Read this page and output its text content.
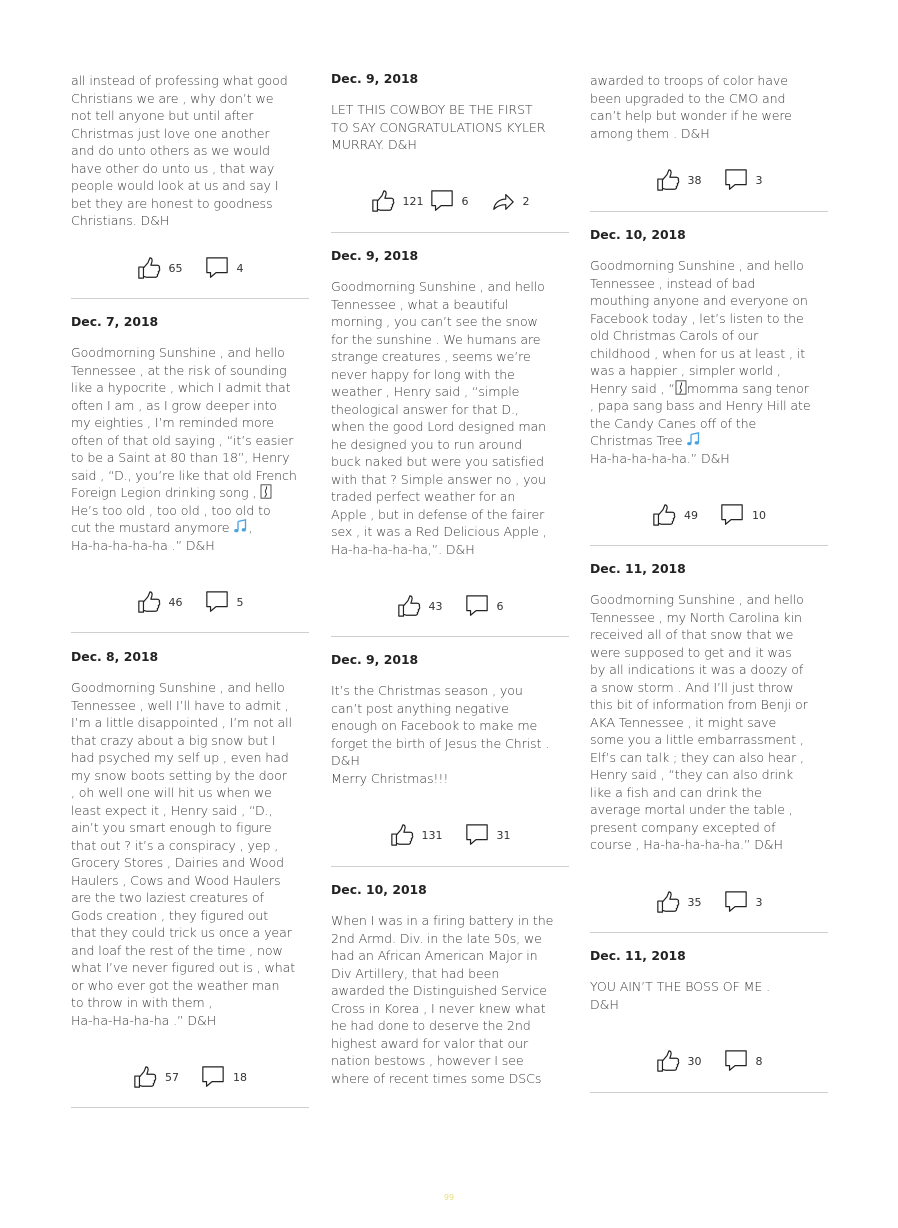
all instead of professing what good
Christians we are , why don’t we
not tell anyone but until after
Christmas just love one another
and do unto others as we would
have other do unto us , that way
people would look at us and say I
bet they are honest to goodness
Christians. D&H

65	4

Dec. 7, 2018

Goodmorning Sunshine , and hello
Tennessee , at the risk of sounding
like a hypocrite , which I admit that
often I am , as I grow deeper into
my eighties , I’m reminded more
often of that old saying , “it’s easier
to be a Saint at 80 than 18”, Henry
said , “D., you’re like that old French
Foreign Legion drinking song ,
He’s too old , too old , too old to
cut the mustard anymore ,
Ha-ha-ha-ha-ha .” D&H

46	5

Dec. 8, 2018

Goodmorning Sunshine , and hello
Tennessee , well I’ll have to admit ,
I’m a little disappointed , I’m not all
that crazy about a big snow but I
had psyched my self up , even had
my snow boots setting by the door
, oh well one will hit us when we
least expect it , Henry said , “D.,
ain’t you smart enough to figure
that out ? it’s a conspiracy , yep ,
Grocery Stores , Dairies and Wood
Haulers , Cows and Wood Haulers
are the two laziest creatures of
Gods creation , they figured out
that they could trick us once a year
and loaf the rest of the time , now
what I’ve never figured out is , what
or who ever got the weather man
to throw in with them ,
Ha-ha-Ha-ha-ha .” D&H

57	18

Dec. 9, 2018

LET THIS COWBOY BE THE FIRST
TO SAY CONGRATULATIONS KYLER
MURRAY. D&H

121	6	2

Dec. 9, 2018

Goodmorning Sunshine , and hello
Tennessee , what a beautiful
morning , you can’t see the snow
for the sunshine . We humans are
strange creatures , seems we’re
never happy for long with the
weather , Henry said , “simple
theological answer for that D.,
when the good Lord designed man
he designed you to run around
buck naked but were you satisfied
with that ? Simple answer no , you
traded perfect weather for an
Apple , but in defense of the fairer
sex , it was a Red Delicious Apple ,
Ha-ha-ha-ha-ha,”. D&H

43	6

Dec. 9, 2018

It’s the Christmas season , you
can’t post anything negative
enough on Facebook to make me
forget the birth of Jesus the Christ .
D&H
Merry Christmas!!!

131	31

Dec. 10, 2018

When I was in a firing battery in the
2nd Armd. Div. in the late 50s, we
had an African American Major in
Div Artillery, that had been
awarded the Distinguished Service
Cross in Korea , I never knew what
he had done to deserve the 2nd
highest award for valor that our
nation bestows , however I see
where of recent times some DSCs

awarded to troops of color have
been upgraded to the CMO and
can’t help but wonder if he were
among them . D&H

38	3

Dec. 10, 2018

Goodmorning Sunshine , and hello
Tennessee , instead of bad
mouthing anyone and everyone on
Facebook today , let’s listen to the
old Christmas Carols of our
childhood , when for us at least , it
was a happier , simpler world ,
Henry said , “ momma sang tenor
, papa sang bass and Henry Hill ate
the Candy Canes off of the
Christmas Tree
Ha-ha-ha-ha-ha.” D&H

49	10

Dec. 11, 2018

Goodmorning Sunshine , and hello
Tennessee , my North Carolina kin
received all of that snow that we
were supposed to get and it was
by all indications it was a doozy of
a snow storm . And I’ll just throw
this bit of information from Benji or
AKA Tennessee , it might save
some you a little embarrassment ,
Elf’s can talk ; they can also hear ,
Henry said , “they can also drink
like a fish and can drink the
average mortal under the table ,
present company excepted of
course , Ha-ha-ha-ha-ha.” D&H

35	3

Dec. 11, 2018

YOU AIN’T THE BOSS OF ME .
D&H

30	8
99
